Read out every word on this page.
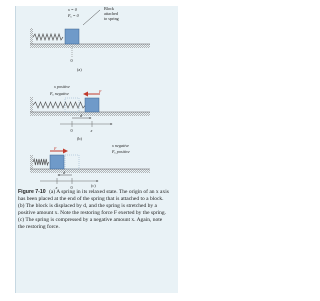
x = 0
Fₓ = 0
Block
attached
to spring
0
(a)
x positive
Fₓ negative	F
0	x
d
(b)
x negative
Fₓ positive
F
x	0
d
(c)
Figure 7-10 (a) A spring in its relaxed state. The origin of an x axis has been placed at the end of the spring that is attached to a block. (b) The block is displaced by d, and the spring is stretched by a positive amount x. Note the restoring force F exerted by the spring. (c) The spring is compressed by a negative amount x. Again, note the restoring force.
